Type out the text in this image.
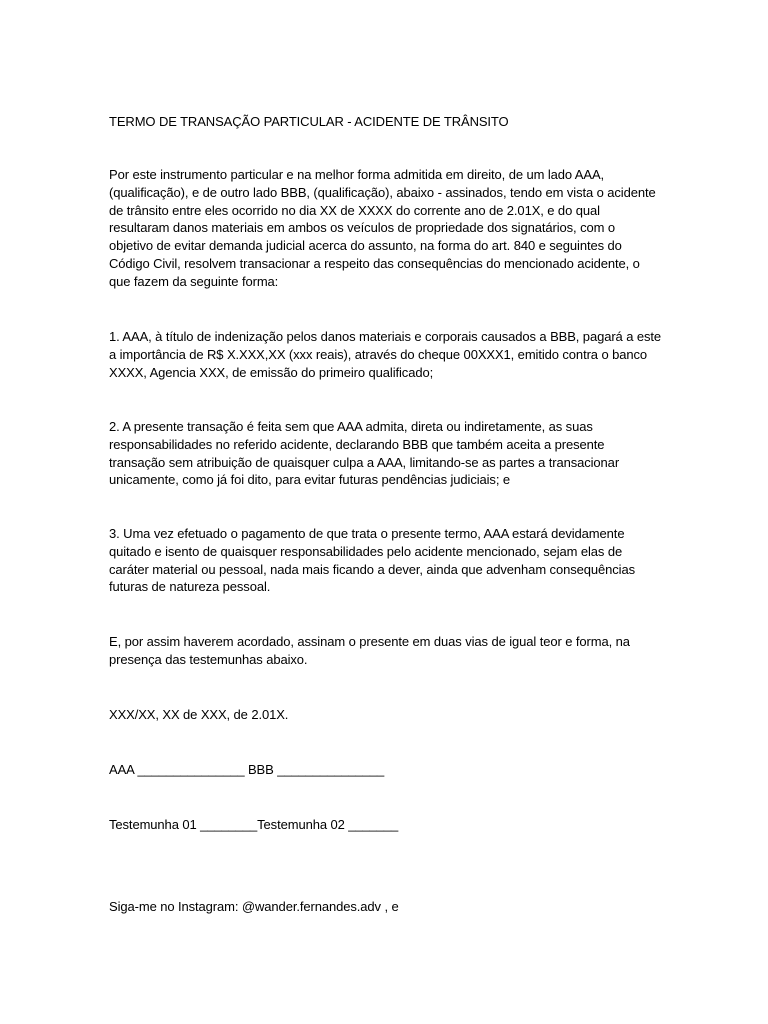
TERMO DE TRANSAÇÃO PARTICULAR - ACIDENTE DE TRÂNSITO
Por este instrumento particular e na melhor forma admitida em direito, de um lado AAA,
(qualificação), e de outro lado BBB, (qualificação), abaixo - assinados, tendo em vista o acidente
de trânsito entre eles ocorrido no dia XX de XXXX do corrente ano de 2.01X, e do qual
resultaram danos materiais em ambos os veículos de propriedade dos signatários, com o
objetivo de evitar demanda judicial acerca do assunto, na forma do art. 840 e seguintes do
Código Civil, resolvem transacionar a respeito das consequências do mencionado acidente, o
que fazem da seguinte forma:
1. AAA, à título de indenização pelos danos materiais e corporais causados a BBB, pagará a este
a importância de R$ X.XXX,XX (xxx reais), através do cheque 00XXX1, emitido contra o banco
XXXX, Agencia XXX, de emissão do primeiro qualificado;
2. A presente transação é feita sem que AAA admita, direta ou indiretamente, as suas
responsabilidades no referido acidente, declarando BBB que também aceita a presente
transação sem atribuição de quaisquer culpa a AAA, limitando-se as partes a transacionar
unicamente, como já foi dito, para evitar futuras pendências judiciais; e
3. Uma vez efetuado o pagamento de que trata o presente termo, AAA estará devidamente
quitado e isento de quaisquer responsabilidades pelo acidente mencionado, sejam elas de
caráter material ou pessoal, nada mais ficando a dever, ainda que advenham consequências
futuras de natureza pessoal.
E, por assim haverem acordado, assinam o presente em duas vias de igual teor e forma, na
presença das testemunhas abaixo.
XXX/XX, XX de XXX, de 2.01X.
AAA _______________ BBB _______________
Testemunha 01 ________Testemunha 02 _______
Siga-me no Instagram: @wander.fernandes.adv , e
